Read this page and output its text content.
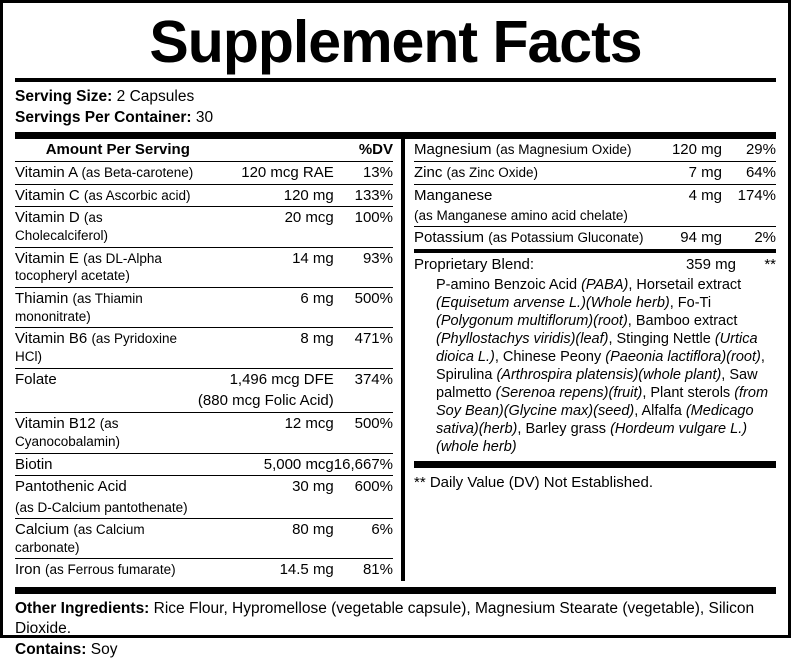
Supplement Facts
Serving Size: 2 Capsules
Servings Per Container: 30
Amount Per Serving		%DV
Vitamin A (as Beta-carotene)	120 mcg RAE	13%
Vitamin C (as Ascorbic acid)	120 mg	133%
Vitamin D (as Cholecalciferol)	20 mcg	100%
Vitamin E (as DL-Alpha tocopheryl acetate)	14 mg	93%
Thiamin (as Thiamin mononitrate)	6 mg	500%
Vitamin B6 (as Pyridoxine HCl)	8 mg	471%
Folate	1,496 mcg DFE	374%
	(880 mcg Folic Acid)	
Vitamin B12 (as Cyanocobalamin)	12 mcg	500%
Biotin	5,000 mcg	16,667%
Pantothenic Acid	30 mg	600%
(as D-Calcium pantothenate)		
Calcium (as Calcium carbonate)	80 mg	6%
Iron (as Ferrous fumarate)	14.5 mg	81%
Magnesium (as Magnesium Oxide)	120 mg	29%
Zinc (as Zinc Oxide)	7 mg	64%
Manganese	4 mg	174%
(as Manganese amino acid chelate)		
Potassium (as Potassium Gluconate)	94 mg	2%
Proprietary Blend:	359 mg	**
P-amino Benzoic Acid (PABA), Horsetail extract (Equisetum arvense L.)(Whole herb), Fo-Ti (Polygonum multiflorum)(root), Bamboo extract (Phyllostachys viridis)(leaf), Stinging Nettle (Urtica dioica L.), Chinese Peony (Paeonia lactiflora)(root), Spirulina (Arthrospira platensis)(whole plant), Saw palmetto (Serenoa repens)(fruit), Plant sterols (from Soy Bean)(Glycine max)(seed), Alfalfa (Medicago sativa)(herb), Barley grass (Hordeum vulgare L.)(whole herb)
** Daily Value (DV) Not Established.
Other Ingredients: Rice Flour, Hypromellose (vegetable capsule), Magnesium Stearate (vegetable), Silicon Dioxide.
Contains: Soy
